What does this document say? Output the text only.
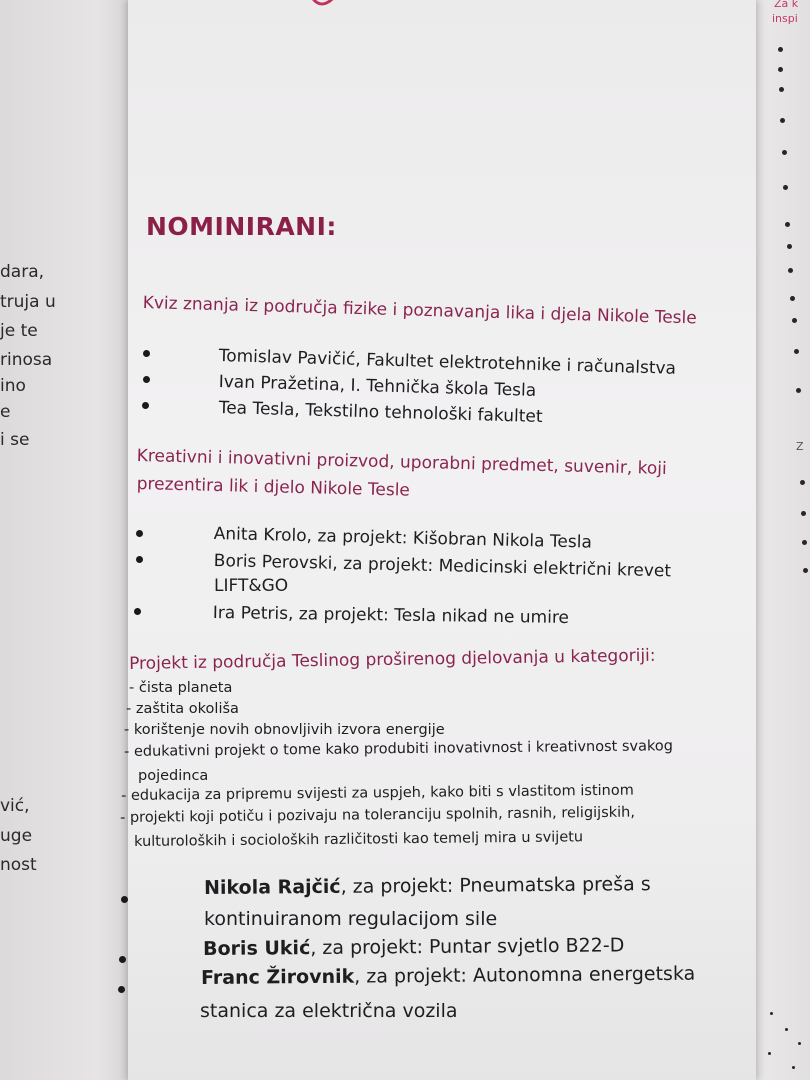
dara,
truja u
je te
rinosa
ino
e
i se
vić,
uge
nost
Za k
inspi
Z
NOMINIRANI:
Kviz znanja iz područja fizike i poznavanja lika i djela Nikole Tesle
Tomislav Pavičić, Fakultet elektrotehnike i računalstva
Ivan Pražetina, I. Tehnička škola Tesla
Tea Tesla, Tekstilno tehnološki fakultet
Kreativni i inovativni proizvod, uporabni predmet, suvenir, koji
prezentira lik i djelo Nikole Tesle
Anita Krolo, za projekt: Kišobran Nikola Tesla
Boris Perovski, za projekt: Medicinski električni krevet
LIFT&GO
Ira Petris, za projekt: Tesla nikad ne umire
Projekt iz područja Teslinog proširenog djelovanja u kategoriji:
- čista planeta
- zaštita okoliša
- korištenje novih obnovljivih izvora energije
- edukativni projekt o tome kako produbiti inovativnost i kreativnost svakog
pojedinca
- edukacija za pripremu svijesti za uspjeh, kako biti s vlastitom istinom
- projekti koji potiču i pozivaju na toleranciju spolnih, rasnih, religijskih,
kulturoloških i socioloških različitosti kao temelj mira u svijetu
Nikola Rajčić, za projekt: Pneumatska preša s
kontinuiranom regulacijom sile
Boris Ukić, za projekt: Puntar svjetlo B22-D
Franc Žirovnik, za projekt: Autonomna energetska
stanica za električna vozila
